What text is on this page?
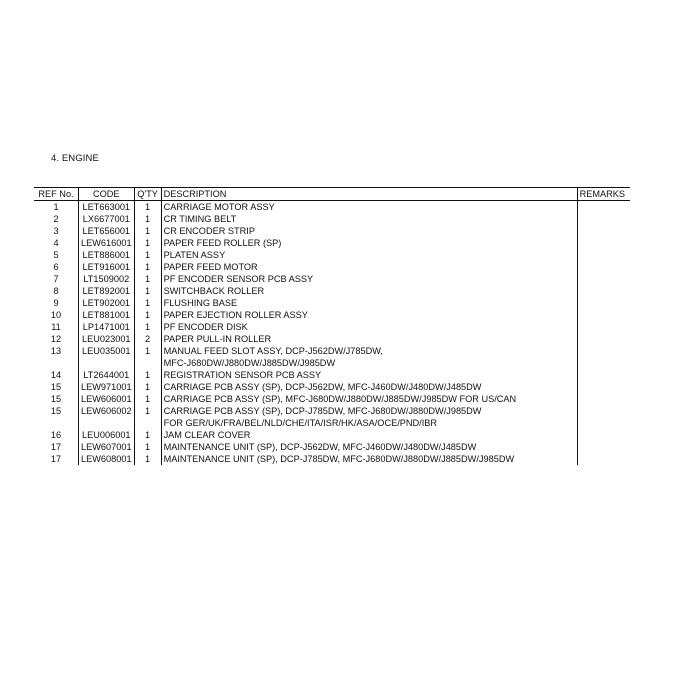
4. ENGINE
REF No.	CODE	Q'TY	DESCRIPTION	REMARKS
1	LET663001	1	CARRIAGE MOTOR ASSY	

2	LX6677001	1	CR TIMING BELT	

3	LET656001	1	CR ENCODER STRIP	

4	LEW616001	1	PAPER FEED ROLLER (SP)	

5	LET886001	1	PLATEN ASSY	

6	LET916001	1	PAPER FEED MOTOR	

7	LT1509002	1	PF ENCODER SENSOR PCB ASSY	

8	LET892001	1	SWITCHBACK ROLLER	

9	LET902001	1	FLUSHING BASE	

10	LET881001	1	PAPER EJECTION ROLLER ASSY	

11	LP1471001	1	PF ENCODER DISK	

12	LEU023001	2	PAPER PULL-IN ROLLER	

13	LEU035001	1	MANUAL FEED SLOT ASSY, DCP-J562DW/J785DW,
MFC-J680DW/J880DW/J885DW/J985DW	

14	LT2644001	1	REGISTRATION SENSOR PCB ASSY	

15	LEW971001	1	CARRIAGE PCB ASSY (SP), DCP-J562DW, MFC-J460DW/J480DW/J485DW	

15	LEW606001	1	CARRIAGE PCB ASSY (SP), MFC-J680DW/J880DW/J885DW/J985DW FOR US/CAN	

15	LEW606002	1	CARRIAGE PCB ASSY (SP), DCP-J785DW, MFC-J680DW/J880DW/J985DW
FOR GER/UK/FRA/BEL/NLD/CHE/ITA/ISR/HK/ASA/OCE/PND/IBR	

16	LEU006001	1	JAM CLEAR COVER	

17	LEW607001	1	MAINTENANCE UNIT (SP), DCP-J562DW, MFC-J460DW/J480DW/J485DW	

17	LEW608001	1	MAINTENANCE UNIT (SP), DCP-J785DW, MFC-J680DW/J880DW/J885DW/J985DW	
